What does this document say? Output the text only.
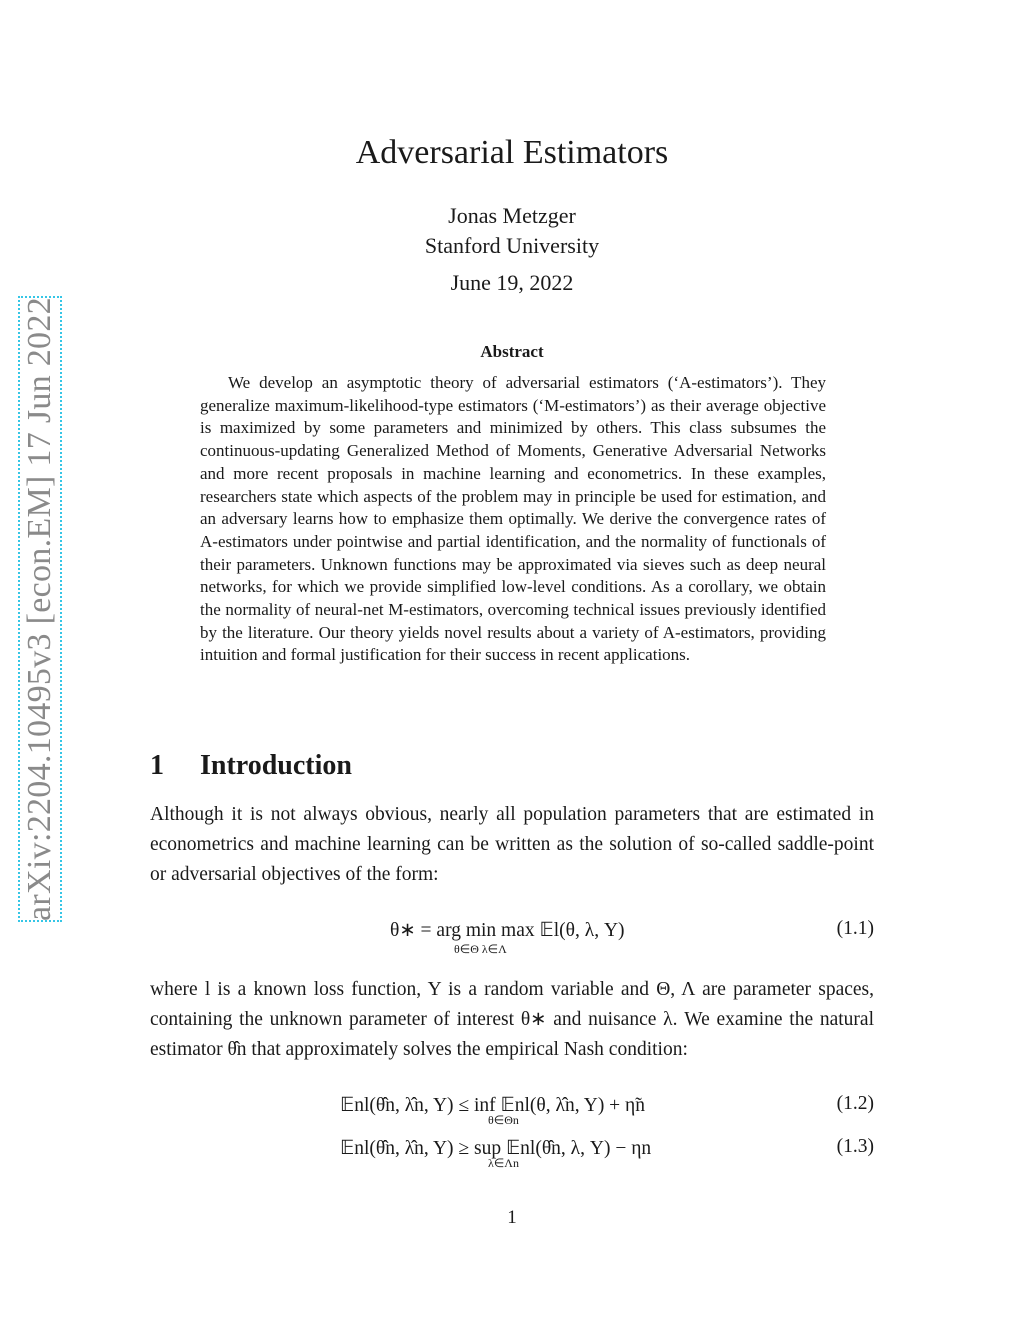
arXiv:2204.10495v3 [econ.EM] 17 Jun 2022
Adversarial Estimators
Jonas Metzger
Stanford University
June 19, 2022
Abstract
We develop an asymptotic theory of adversarial estimators (‘A-estimators’). They generalize maximum-likelihood-type estimators (‘M-estimators’) as their average objective is maximized by some parameters and minimized by others. This class subsumes the continuous-updating Generalized Method of Moments, Generative Adversarial Networks and more recent proposals in machine learning and econometrics. In these examples, researchers state which aspects of the problem may in principle be used for estimation, and an adversary learns how to emphasize them optimally. We derive the convergence rates of A-estimators under pointwise and partial identification, and the normality of functionals of their parameters. Unknown functions may be approximated via sieves such as deep neural networks, for which we provide simplified low-level conditions. As a corollary, we obtain the normality of neural-net M-estimators, overcoming technical issues previously identified by the literature. Our theory yields novel results about a variety of A-estimators, providing intuition and formal justification for their success in recent applications.
1 Introduction
Although it is not always obvious, nearly all population parameters that are estimated in econometrics and machine learning can be written as the solution of so-called saddle-point or adversarial objectives of the form:
θ∗ = arg min max 𝔼l(θ, λ, Y)
θ∈Θ λ∈Λ
(1.1)
where l is a known loss function, Y is a random variable and Θ, Λ are parameter spaces, containing the unknown parameter of interest θ∗ and nuisance λ. We examine the natural estimator θ̂n that approximately solves the empirical Nash condition:
𝔼nl(θ̂n, λ̂n, Y) ≤ inf 𝔼nl(θ, λ̂n, Y) + η̃n
θ∈Θn
(1.2)
𝔼nl(θ̂n, λ̂n, Y) ≥ sup 𝔼nl(θ̂n, λ, Y) − ηn
λ∈Λn
(1.3)
1
